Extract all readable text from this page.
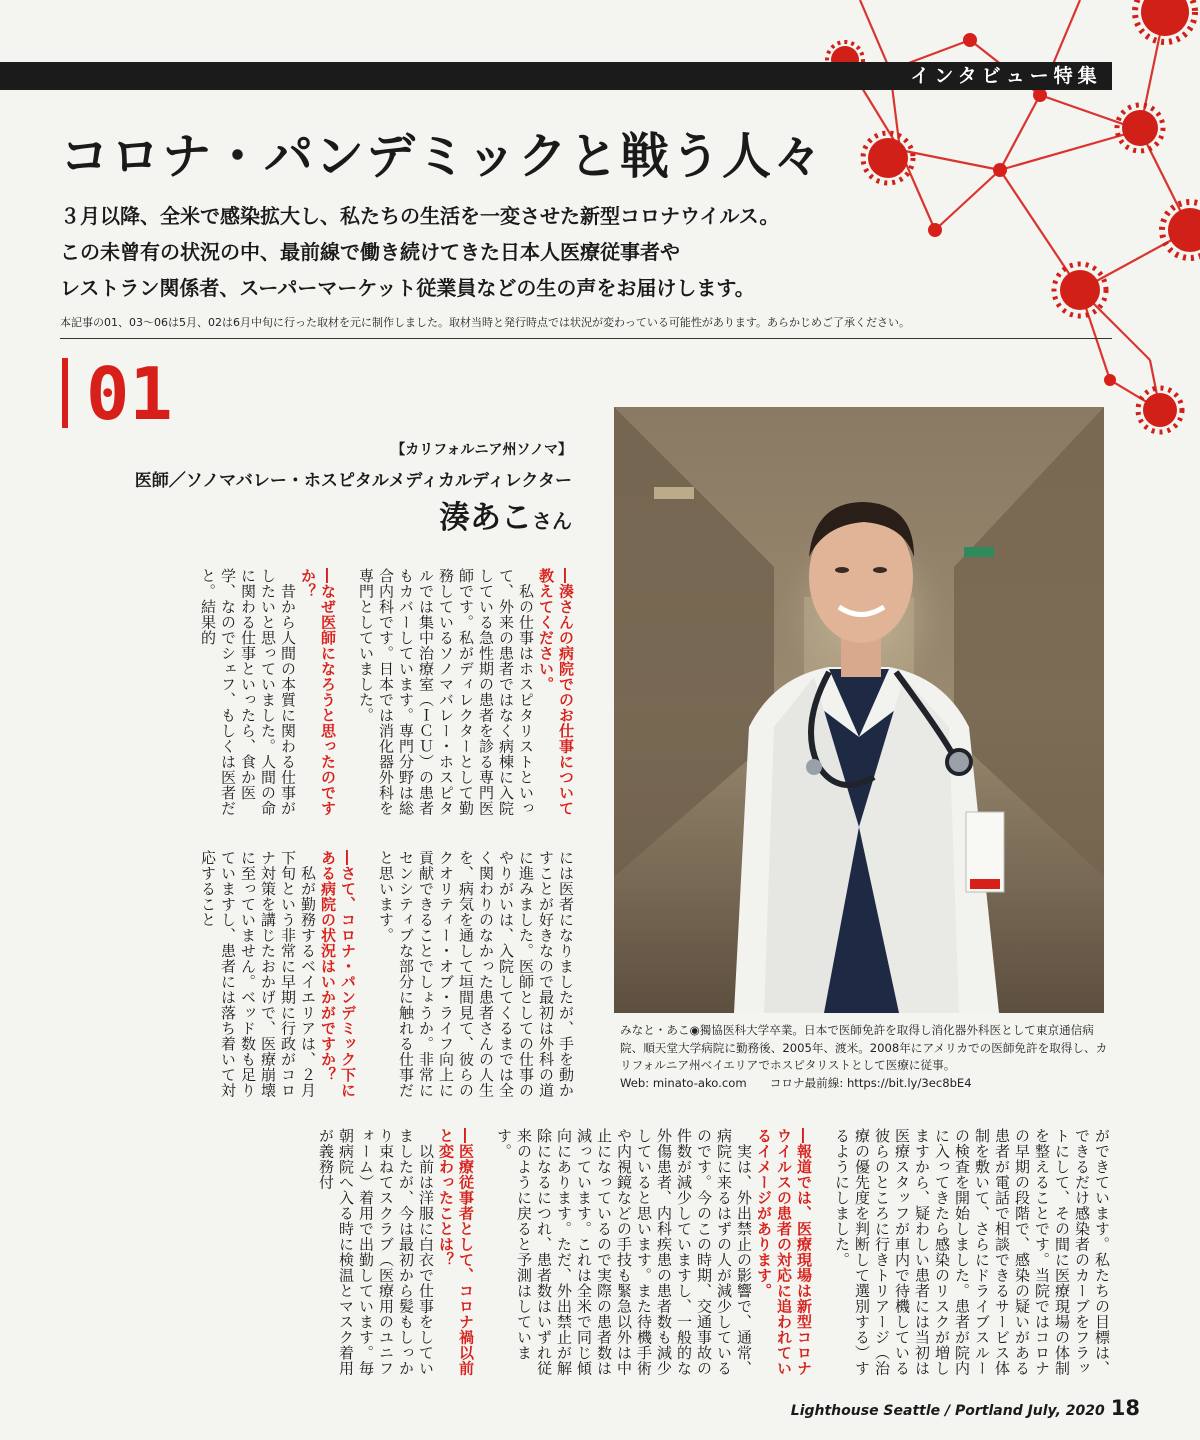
インタビュー特集
コロナ・パンデミックと戦う人々
３月以降、全米で感染拡大し、私たちの生活を一変させた新型コロナウイルス。
この未曾有の状況の中、最前線で働き続けてきた日本人医療従事者や
レストラン関係者、スーパーマーケット従業員などの生の声をお届けします。
本記事の01、03〜06は5月、02は6月中旬に行った取材を元に制作しました。取材当時と発行時点では状況が変わっている可能性があります。あらかじめご了承ください。
01
【カリフォルニア州ソノマ】
医師／ソノマバレー・ホスピタルメディカルディレクター
湊あこさん
みなと・あこ◉獨協医科大学卒業。日本で医師免許を取得し消化器外科医として東京通信病院、順天堂大学病院に勤務後、2005年、渡米。2008年にアメリカでの医師免許を取得し、カリフォルニア州ベイエリアでホスピタリストとして医療に従事。
Web: minato-ako.com　　コロナ最前線: https://bit.ly/3ec8bE4

―湊さんの病院でのお仕事について教えてください。

　私の仕事はホスピタリストといって、外来の患者ではなく病棟に入院している急性期の患者を診る専門医師です。私がディレクターとして勤務しているソノマバレー・ホスピタルでは集中治療室（ＩＣＵ）の患者もカバーしています。専門分野は総合内科です。日本では消化器外科を専門としていました。

―なぜ医師になろうと思ったのですか？

　昔から人間の本質に関わる仕事がしたいと思っていました。人間の命に関わる仕事といったら、食か医学、なのでシェフ、もしくは医者だと。結果的

には医者になりましたが、手を動かすことが好きなので最初は外科の道に進みました。医師としての仕事のやりがいは、入院してくるまでは全く関わりのなかった患者さんの人生を、病気を通して垣間見て、彼らのクオリティー・オブ・ライフ向上に貢献できることでしょうか。非常にセンシティブな部分に触れる仕事だと思います。

―さて、コロナ・パンデミック下にある病院の状況はいかがですか？

　私が勤務するベイエリアは、２月下旬という非常に早期に行政がコロナ対策を講じたおかげで、医療崩壊に至っていません。ベッド数も足りていますし、患者には落ち着いて対応すること

ができています。私たちの目標は、できるだけ感染者のカーブをフラットにして、その間に医療現場の体制を整えることです。当院ではコロナの早期の段階で、感染の疑いがある患者が電話で相談できるサービス体制を敷いて、さらにドライブスルーの検査を開始しました。患者が院内に入ってきたら感染のリスクが増しますから、疑わしい患者には当初は医療スタッフが車内で待機している彼らのところに行きトリアージ（治療の優先度を判断して選別する）するようにしました。

―報道では、医療現場は新型コロナウイルスの患者の対応に追われているイメージがあります。

　実は、外出禁止の影響で、通常、病院に来るはずの人が減少しているのです。今のこの時期、交通事故の件数が減少していますし、一般的な外傷患者、内科疾患の患者数も減少していると思います。また待機手術や内視鏡などの手技も緊急以外は中止になっているので実際の患者数は減っています。これは全米で同じ傾向にあります。ただ、外出禁止が解除になるにつれ、患者数はいずれ従来のように戻ると予測はしています。

―医療従事者として、コロナ禍以前と変わったことは？

　以前は洋服に白衣で仕事をしていましたが、今は最初から髪もしっかり束ねてスクラブ（医療用のユニフォーム）着用で出勤しています。毎朝病院へ入る時に検温とマスク着用が義務付

Lighthouse Seattle / Portland July, 2020 18
